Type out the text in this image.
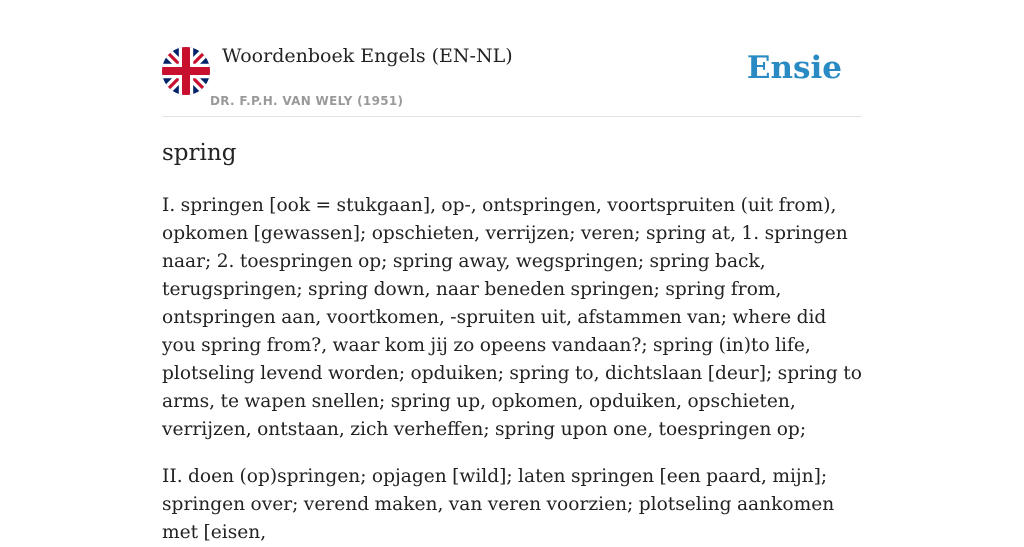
Woordenboek Engels (EN-NL)
DR. F.P.H. VAN WELY (1951)
Ensie
spring

I. springen [ook = stukgaan], op-, ontspringen, voortspruiten (uit from), opkomen [gewassen]; opschieten, verrijzen; veren; spring at, 1. springen naar; 2. toespringen op; spring away, wegspringen; spring back, terugspringen; spring down, naar beneden springen; spring from, ontspringen aan, voortkomen, -spruiten uit, afstammen van; where did you spring from?, waar kom jij zo opeens vandaan?; spring (in)to life, plotseling levend worden; opduiken; spring to, dichtslaan [deur]; spring to arms, te wapen snellen; spring up, opkomen, opduiken, opschieten, verrijzen, ontstaan, zich verheffen; spring upon one, toespringen op;

II. doen (op)springen; opjagen [wild]; laten springen [een paard, mijn]; springen over; verend maken, van veren voorzien; plotseling aankomen met [eisen,
